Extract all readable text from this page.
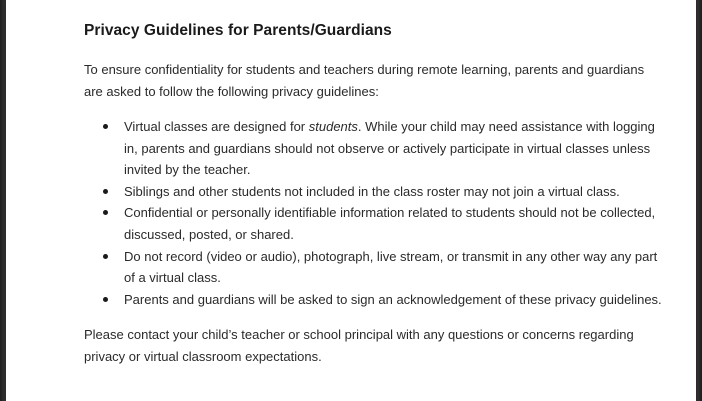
Privacy Guidelines for Parents/Guardians

To ensure confidentiality for students and teachers during remote learning, parents and guardians are asked to follow the following privacy guidelines:

Virtual classes are designed for students. While your child may need assistance with logging in, parents and guardians should not observe or actively participate in virtual classes unless invited by the teacher.
Siblings and other students not included in the class roster may not join a virtual class.
Confidential or personally identifiable information related to students should not be collected, discussed, posted, or shared.
Do not record (video or audio), photograph, live stream, or transmit in any other way any part of a virtual class.
Parents and guardians will be asked to sign an acknowledgement of these privacy guidelines.

Please contact your child’s teacher or school principal with any questions or concerns regarding privacy or virtual classroom expectations.
